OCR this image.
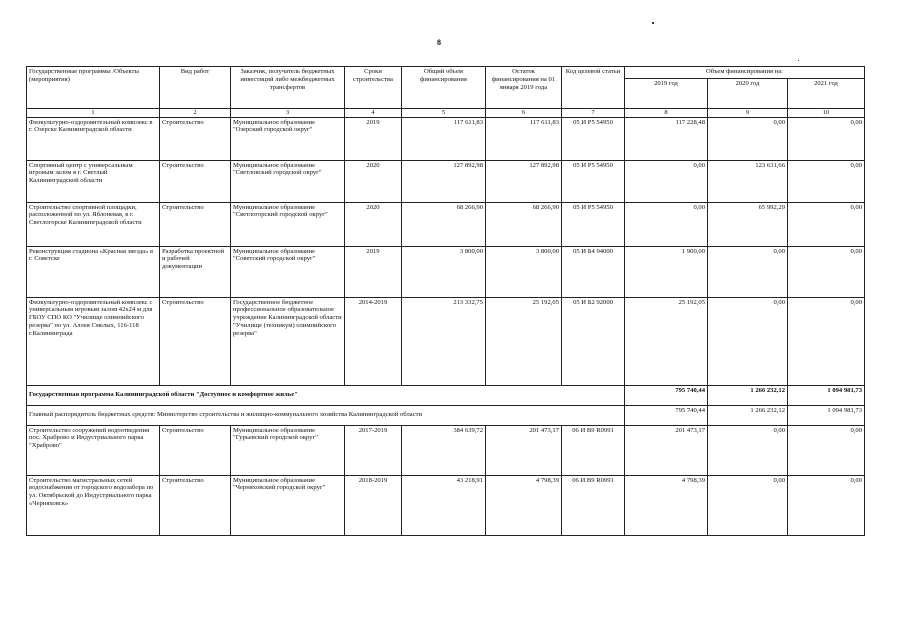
8
Государственные программы /Объекты (мероприятия)	Вид работ	Заказчик, получатель бюджетных инвестиций либо межбюджетных трансфертов	Сроки строительства	Общий объем финансирования	Остаток финансирования на 01 января 2019 года	Код целевой статьи	Объем финансирования на:		
							2019 год	2020 год	2021 год
1	2	3	4	5	6	7	8	9	10
Физкультурно-оздоровительный комплекс в г. Озерске Калининградской области	Строительство	Муниципальное образование "Озерский городской округ"	2019	117 611,83	117 611,83	05 И Р5 54950	117 228,48	0,00	0,00
Спортивный центр с универсальным игровым залом в г. Светлый Калининградской области	Строительство	Муниципальное образование "Светловский городской округ"	2020	127 892,98	127 892,98	05 И Р5 54950	0,00	123 631,66	0,00
Строительство спортивной площадки, расположенной по ул. Яблоневая, в г. Светлогорске Калининградской области	Строительство	Муниципальное образование "Светлогорский городской округ"	2020	68 266,90	68 266,90	05 И Р5 54950	0,00	65 992,29	0,00
Реконструкция стадиона «Красная звезда» в г. Советске	Разработка проектной и рабочей документации	Муниципальное образование "Советский городской округ"	2019	3 800,00	3 800,00	05 И Б4 94000	1 900,00	0,00	0,00
Физкультурно-оздоровительный комплекс с универсальным игровым залом 42х24 м для ГБОУ СПО КО "Училище олимпийского резерва" по ул. Аллея Смелых, 116-118 г.Калининграда	Строительство	Государственное бюджетное профессиональное образовательное учреждение Калининградской области "Училище (техникум) олимпийского резерва"	2014-2019	213 332,75	25 192,05	05 И Б2 92000	25 192,05	0,00	0,00
Государственная программа Калининградской области "Доступное и комфортное жилье"							795 740,44	1 266 232,12	1 094 981,73
Главный распорядитель бюджетных средств: Министерство строительства и жилищно-коммунального хозяйства Калининградской области							795 740,44	1 266 232,12	1 094 981,73
Строительство сооружений водоотведения пос. Храброво и Индустриального парка "Храброво"	Строительство	Муниципальное образование "Гурьевский городской округ"	2017-2019	384 639,72	201 473,17	06 И В9 R0991	201 473,17	0,00	0,00
Строительство магистральных сетей водоснабжения от городского водозабора по ул. Октябрьской до Индустриального парка «Черняховск»	Строительство	Муниципальное образование "Черняховский городской округ"	2018-2019	43 218,91	4 798,39	06 И В9 R0991	4 798,39	0,00	0,00
